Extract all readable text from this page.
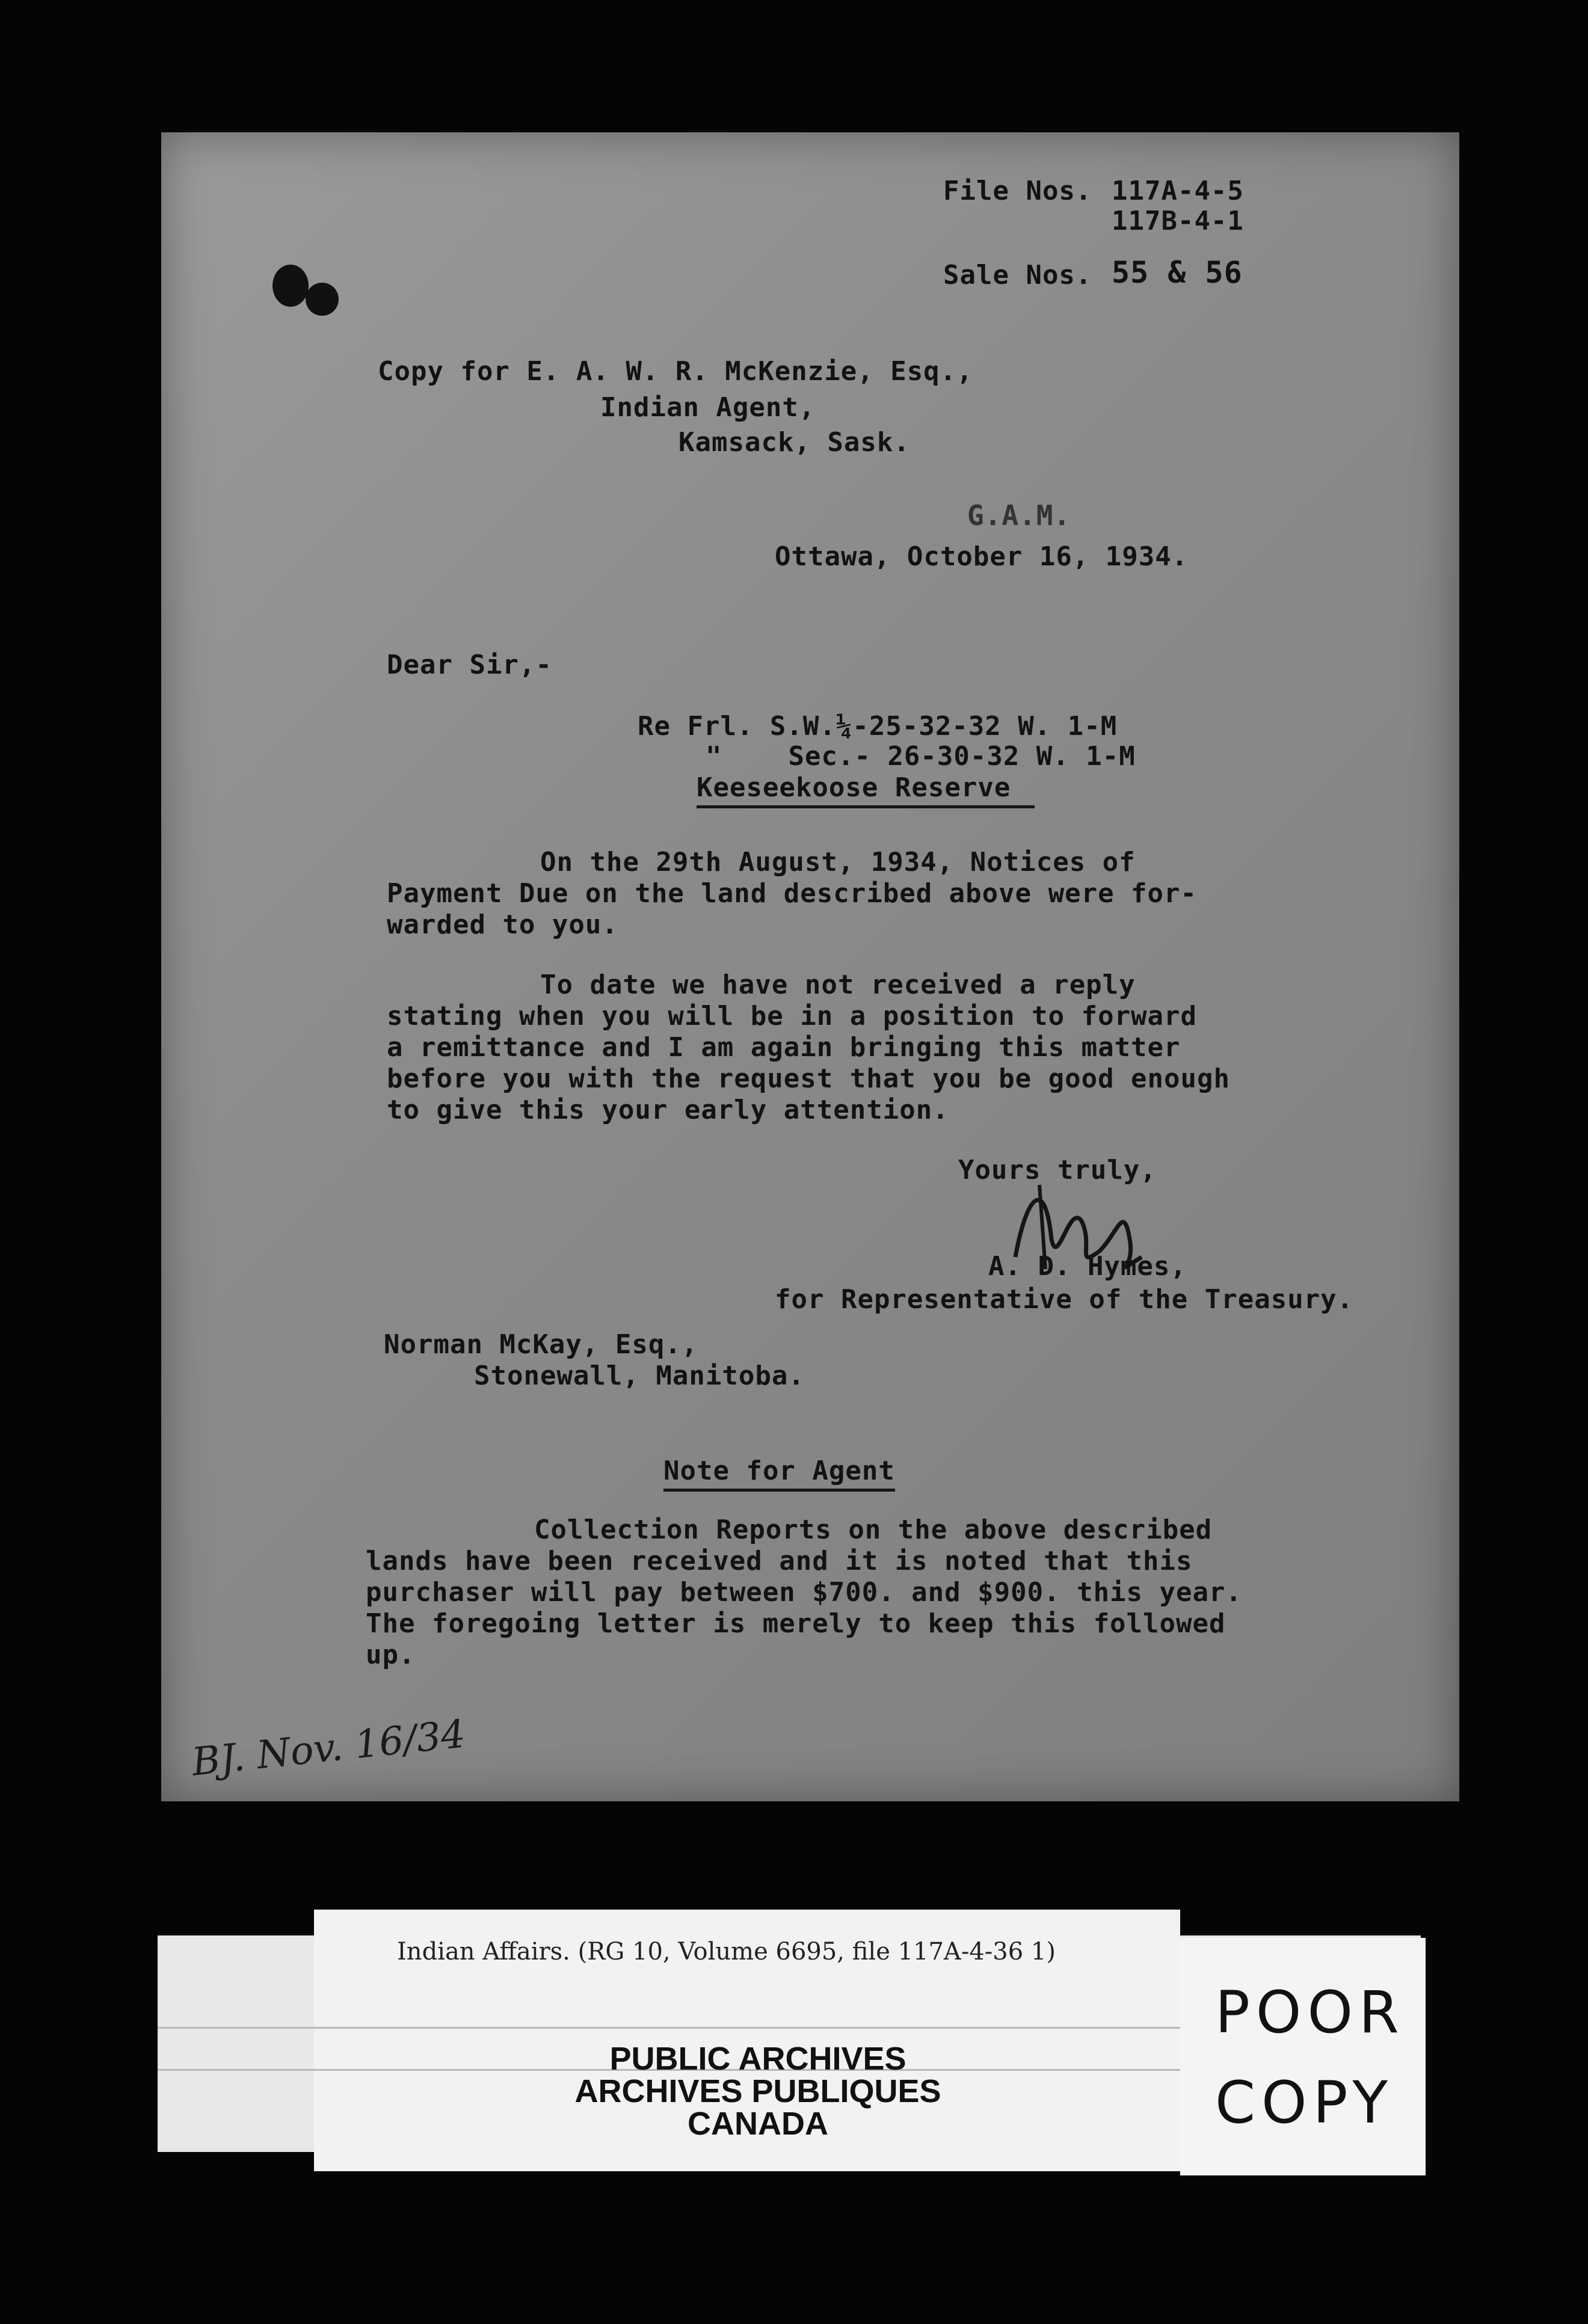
File Nos. 117A-4-5
117B-4-1
Sale Nos. 55 & 56
Copy for E. A. W. R. McKenzie, Esq.,
Indian Agent,
Kamsack, Sask.
G.A.M.
Ottawa, October 16, 1934.
Dear Sir,-
Re Frl. S.W.¼-25-32-32 W. 1-M
"    Sec.- 26-30-32 W. 1-M
Keeseekoose Reserve
On the 29th August, 1934, Notices of
Payment Due on the land described above were for-
warded to you.
To date we have not received a reply
stating when you will be in a position to forward
a remittance and I am again bringing this matter
before you with the request that you be good enough
to give this your early attention.
Yours truly,
A. D. Hymes,
for Representative of the Treasury.
Norman McKay, Esq.,
Stonewall, Manitoba.
Note for Agent
Collection Reports on the above described
lands have been received and it is noted that this
purchaser will pay between $700. and $900. this year.
The foregoing letter is merely to keep this followed
up.
BJ. Nov. 16/34
Indian Affairs. (RG 10, Volume 6695, file 117A-4-36 1)
PUBLIC ARCHIVES
ARCHIVES PUBLIQUES
CANADA
POOR
COPY
